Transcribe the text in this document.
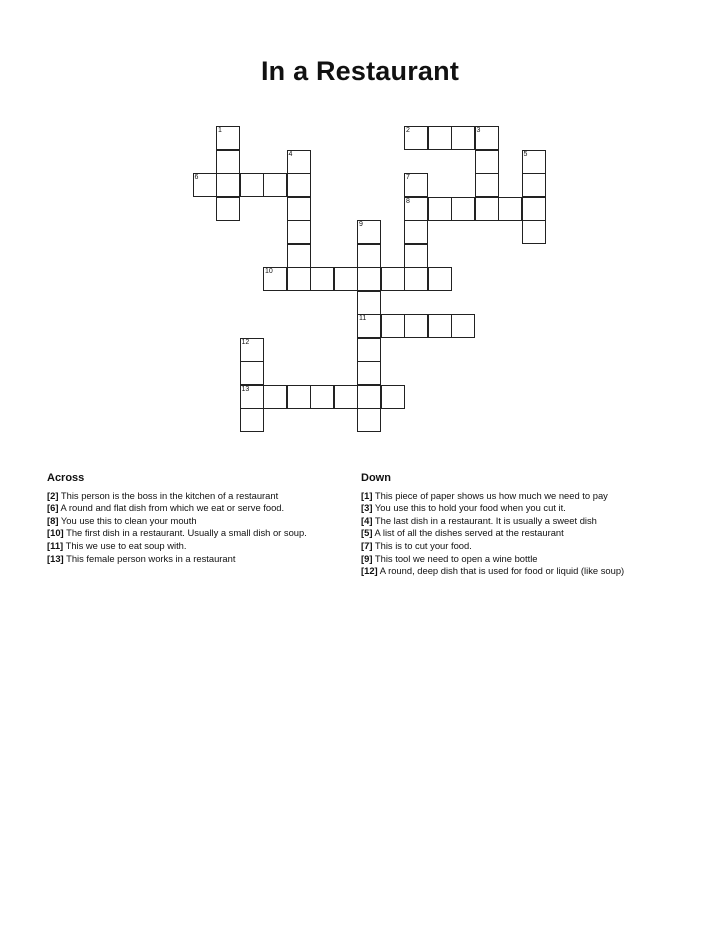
In a Restaurant
1	2	3
4	5
6	7
8
9
11
10
12
13
Across

[2] This person is the boss in the kitchen of a restaurant

[6] A round and flat dish from which we eat or serve food.

[8] You use this to clean your mouth

[10] The first dish in a restaurant. Usually a small dish or soup.

[11] This we use to eat soup with.

[13] This female person works in a restaurant

Down

[1] This piece of paper shows us how much we need to pay

[3] You use this to hold your food when you cut it.

[4] The last dish in a restaurant. It is usually a sweet dish

[5] A list of all the dishes served at the restaurant

[7] This is to cut your food.

[9] This tool we need to open a wine bottle

[12] A round, deep dish that is used for food or liquid (like soup)
